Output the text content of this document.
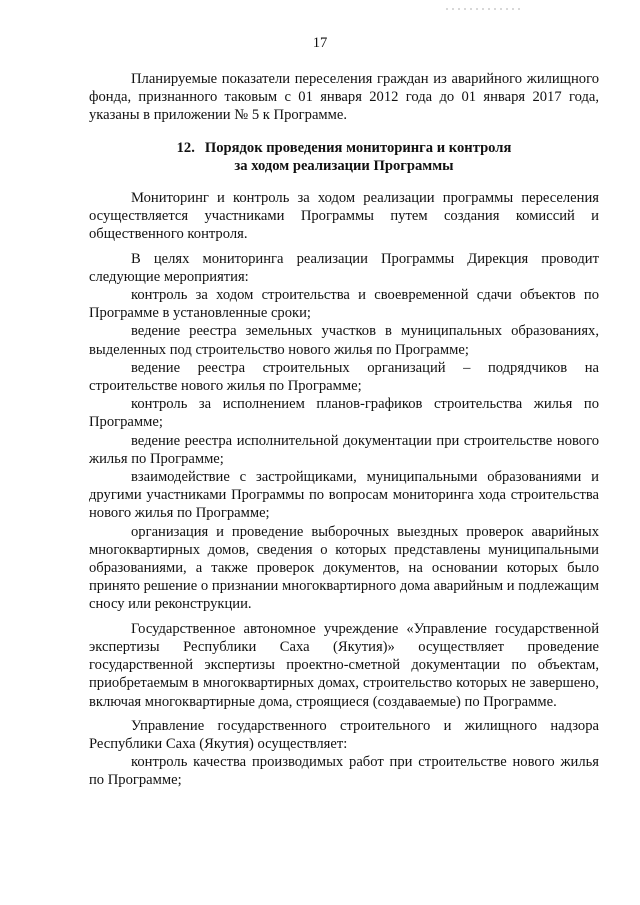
17

Планируемые показатели переселения граждан из аварийного жилищного фонда, признанного таковым с 01 января 2012 года до 01 января 2017 года, указаны в приложении № 5 к Программе.

12. Порядок проведения мониторинга и контроля
за ходом реализации Программы

Мониторинг и контроль за ходом реализации программы переселения осуществляется участниками Программы путем создания комиссий и общественного контроля.

В целях мониторинга реализации Программы Дирекция проводит следующие мероприятия:

контроль за ходом строительства и своевременной сдачи объектов по Программе в установленные сроки;

ведение реестра земельных участков в муниципальных образованиях, выделенных под строительство нового жилья по Программе;

ведение реестра строительных организаций – подрядчиков на строительстве нового жилья по Программе;

контроль за исполнением планов-графиков строительства жилья по Программе;

ведение реестра исполнительной документации при строительстве нового жилья по Программе;

взаимодействие с застройщиками, муниципальными образованиями и другими участниками Программы по вопросам мониторинга хода строительства нового жилья по Программе;

организация и проведение выборочных выездных проверок аварийных многоквартирных домов, сведения о которых представлены муниципальными образованиями, а также проверок документов, на основании которых было принято решение о признании многоквартирного дома аварийным и подлежащим сносу или реконструкции.

Государственное автономное учреждение «Управление государственной экспертизы Республики Саха (Якутия)» осуществляет проведение государственной экспертизы проектно-сметной документации по объектам, приобретаемым в многоквартирных домах, строительство которых не завершено, включая многоквартирные дома, строящиеся (создаваемые) по Программе.

Управление государственного строительного и жилищного надзора Республики Саха (Якутия) осуществляет:

контроль качества производимых работ при строительстве нового жилья по Программе;
